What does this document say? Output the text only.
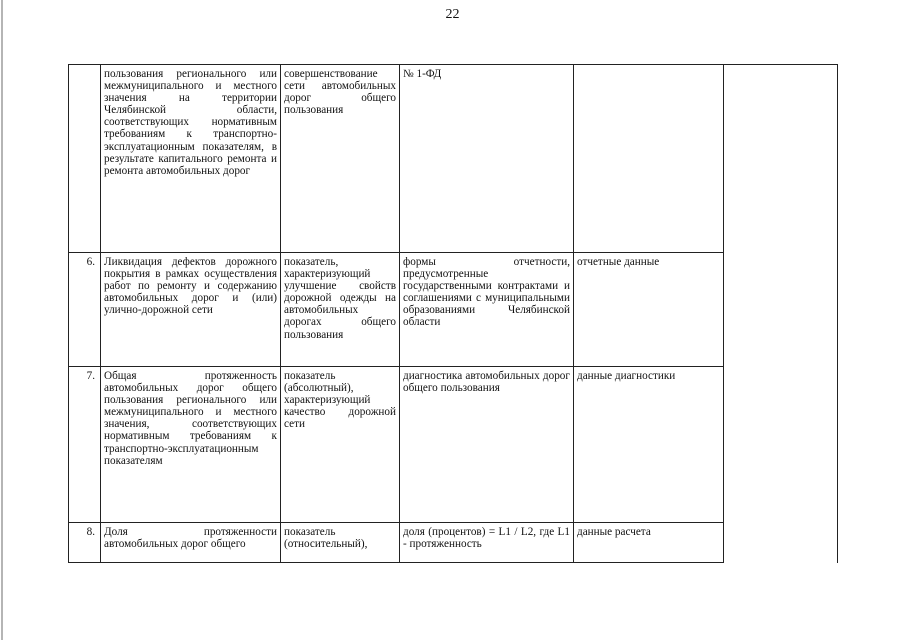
22
	пользования регионального или межмуниципального и местного значения на территории Челябинской области, соответствующих нормативным требованиям к транспортно-эксплуатационным показателям, в результате капитального ремонта и ремонта автомобильных дорог	совершенствование сети автомобильных дорог общего пользования	№ 1-ФД		
6.	Ликвидация дефектов дорожного покрытия в рамках осуществления работ по ремонту и содержанию автомобильных дорог и (или) улично-дорожной сети	показатель, характеризующий улучшение свойств дорожной одежды на автомобильных дорогах общего пользования	формы отчетности, предусмотренные государственными контрактами и соглашениями с муниципальными образованиями Челябинской области	отчетные данные	
7.	Общая протяженность автомобильных дорог общего пользования регионального или межмуниципального и местного значения, соответствующих нормативным требованиям к транспортно-эксплуатационным показателям	показатель (абсолютный), характеризующий качество дорожной сети	диагностика автомобильных дорог общего пользования	данные диагностики	
8.	Доля протяженности автомобильных дорог общего	показатель (относительный),	доля (процентов) = L1 / L2, где L1 - протяженность	данные расчета	
